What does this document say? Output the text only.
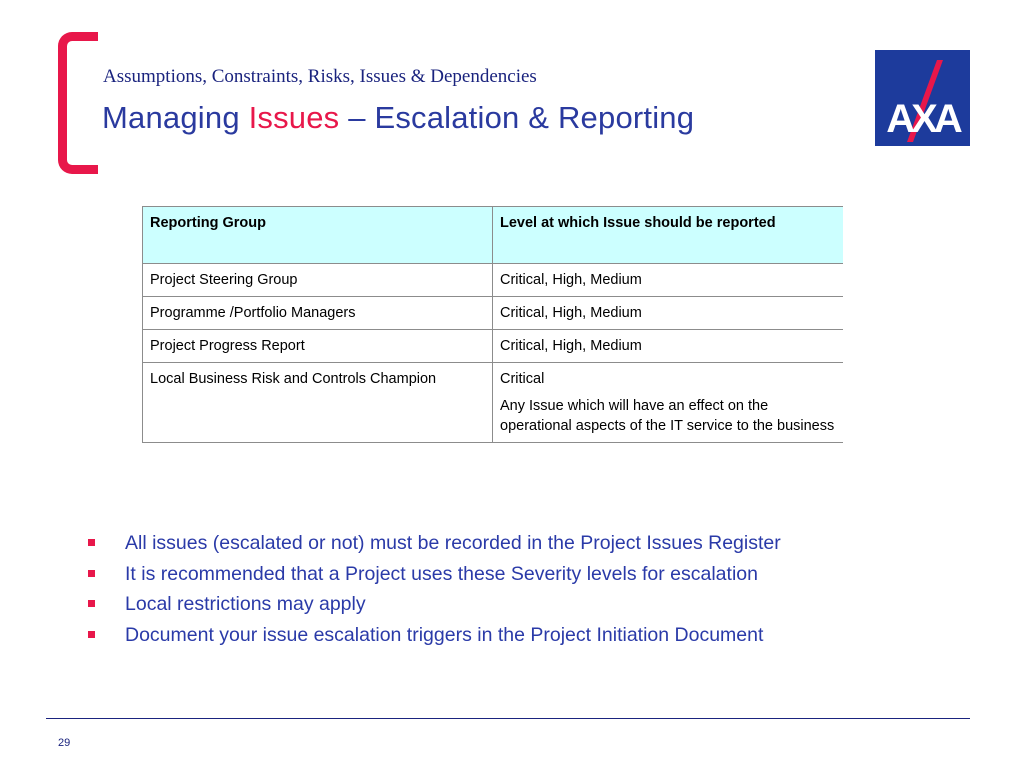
Assumptions, Constraints, Risks, Issues & Dependencies
Managing Issues – Escalation & Reporting	AXA
Reporting Group	Level at which Issue should be reported
Project Steering Group	Critical, High, Medium
Programme /Portfolio Managers	Critical, High, Medium
Project Progress Report	Critical, High, Medium
Local Business Risk and Controls Champion	Critical
Any Issue which will have an effect on the operational aspects of the IT service to the business
All issues (escalated or not) must be recorded in the Project Issues Register
It is recommended that a Project uses these Severity levels for escalation
Local restrictions may apply
Document your issue escalation triggers in the Project Initiation Document
29
